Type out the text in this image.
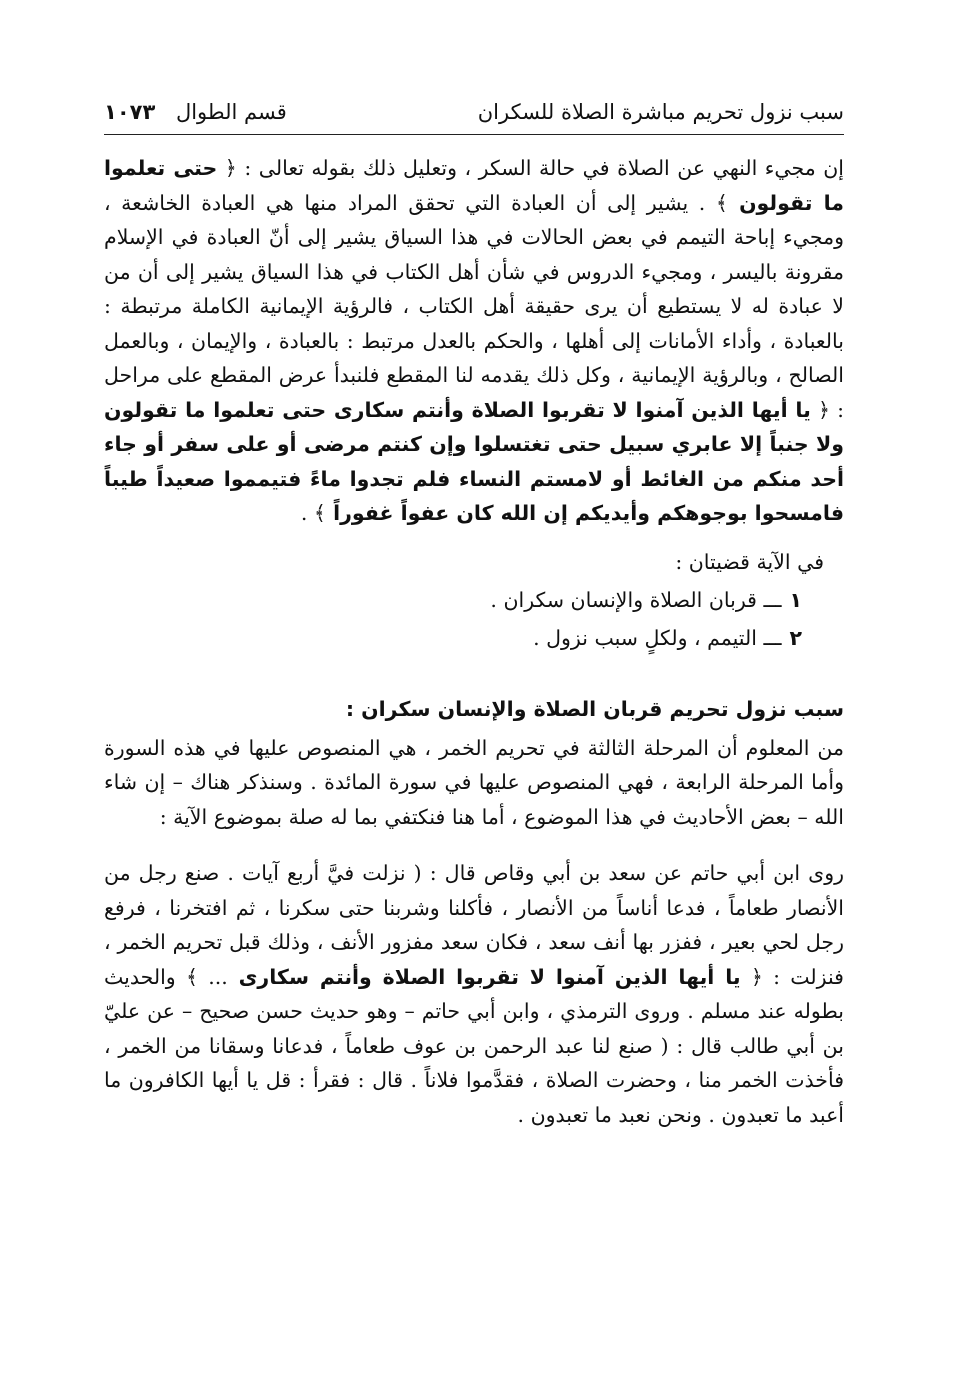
سبب نزول تحريم مباشرة الصلاة للسكران
قسم الطوال ١٠٧٣

إن مجيء النهي عن الصلاة في حالة السكر ، وتعليل ذلك بقوله تعالى : ﴿ حتى تعلموا ما تقولون ﴾ . يشير إلى أن العبادة التي تحقق المراد منها هي العبادة الخاشعة ، ومجيء إباحة التيمم في بعض الحالات في هذا السياق يشير إلى أنّ العبادة في الإسلام مقرونة باليسر ، ومجيء الدروس في شأن أهل الكتاب في هذا السياق يشير إلى أن من لا عبادة له لا يستطيع أن يرى حقيقة أهل الكتاب ، فالرؤية الإيمانية الكاملة مرتبطة : بالعبادة ، وأداء الأمانات إلى أهلها ، والحكم بالعدل مرتبط : بالعبادة ، والإيمان ، وبالعمل الصالح ، وبالرؤية الإيمانية ، وكل ذلك يقدمه لنا المقطع فلنبدأ عرض المقطع على مراحل : ﴿ يا أيها الذين آمنوا لا تقربوا الصلاة وأنتم سكارى حتى تعلموا ما تقولون ولا جنباً إلا عابري سبيل حتى تغتسلوا وإن كنتم مرضى أو على سفر أو جاء أحد منكم من الغائط أو لامستم النساء فلم تجدوا ماءً فتيمموا صعيداً طيباً فامسحوا بوجوهكم وأيديكم إن الله كان عفواً غفوراً ﴾ .

في الآية قضيتان :
١ـــ قربان الصلاة والإنسان سكران .
٢ـــ التيمم ، ولكلٍ سبب نزول .
سبب نزول تحريم قربان الصلاة والإنسان سكران :

من المعلوم أن المرحلة الثالثة في تحريم الخمر ، هي المنصوص عليها في هذه السورة وأما المرحلة الرابعة ، فهي المنصوص عليها في سورة المائدة . وسنذكر هناك – إن شاء الله – بعض الأحاديث في هذا الموضوع ، أما هنا فنكتفي بما له صلة بموضوع الآية :

روى ابن أبي حاتم عن سعد بن أبي وقاص قال : ( نزلت فيَّ أربع آيات . صنع رجل من الأنصار طعاماً ، فدعا أناساً من الأنصار ، فأكلنا وشربنا حتى سكرنا ، ثم افتخرنا ، فرفع رجل لحي بعير ، ففزر بها أنف سعد ، فكان سعد مفزور الأنف ، وذلك قبل تحريم الخمر ، فنزلت : ﴿ يا أيها الذين آمنوا لا تقربوا الصلاة وأنتم سكارى ... ﴾ والحديث بطوله عند مسلم . وروى الترمذي ، وابن أبي حاتم – وهو حديث حسن صحيح – عن عليّ بن أبي طالب قال : ( صنع لنا عبد الرحمن بن عوف طعاماً ، فدعانا وسقانا من الخمر ، فأخذت الخمر منا ، وحضرت الصلاة ، فقدَّموا فلاناً . قال : فقرأ : قل يا أيها الكافرون ما أعبد ما تعبدون . ونحن نعبد ما تعبدون .
